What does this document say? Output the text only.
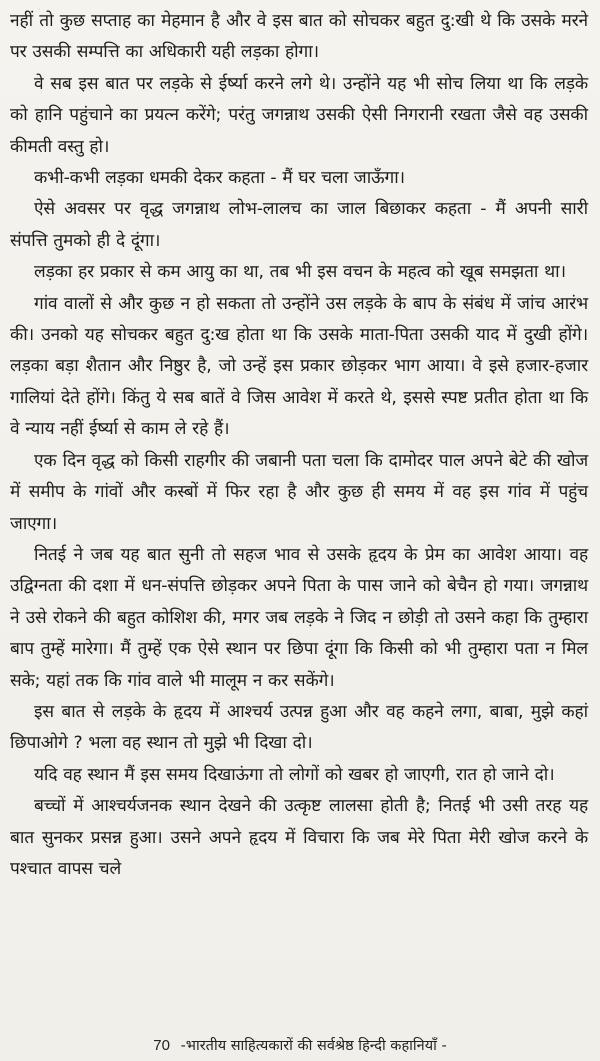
नहीं तो कुछ सप्ताह का मेहमान है और वे इस बात को सोचकर बहुत दु:खी थे कि उसके मरने पर उसकी सम्पत्ति का अधिकारी यही लड़का होगा।

वे सब इस बात पर लड़के से ईर्ष्या करने लगे थे। उन्होंने यह भी सोच लिया था कि लड़के को हानि पहुंचाने का प्रयत्न करेंगे; परंतु जगन्नाथ उसकी ऐसी निगरानी रखता जैसे वह उसकी कीमती वस्तु हो।

कभी-कभी लड़का धमकी देकर कहता - मैं घर चला जाऊँगा।

ऐसे अवसर पर वृद्ध जगन्नाथ लोभ-लालच का जाल बिछाकर कहता - मैं अपनी सारी संपत्ति तुमको ही दे दूंगा।

लड़का हर प्रकार से कम आयु का था, तब भी इस वचन के महत्व को खूब समझता था।

गांव वालों से और कुछ न हो सकता तो उन्होंने उस लड़के के बाप के संबंध में जांच आरंभ की। उनको यह सोचकर बहुत दु:ख होता था कि उसके माता-पिता उसकी याद में दुखी होंगे। लड़का बड़ा शैतान और निष्ठुर है, जो उन्हें इस प्रकार छोड़कर भाग आया। वे इसे हजार-हजार गालियां देते होंगे। किंतु ये सब बातें वे जिस आवेश में करते थे, इससे स्पष्ट प्रतीत होता था कि वे न्याय नहीं ईर्ष्या से काम ले रहे हैं।

एक दिन वृद्ध को किसी राहगीर की जबानी पता चला कि दामोदर पाल अपने बेटे की खोज में समीप के गांवों और कस्बों में फिर रहा है और कुछ ही समय में वह इस गांव में पहुंच जाएगा।

नितई ने जब यह बात सुनी तो सहज भाव से उसके हृदय के प्रेम का आवेश आया। वह उद्विग्नता की दशा में धन-संपत्ति छोड़कर अपने पिता के पास जाने को बेचैन हो गया। जगन्नाथ ने उसे रोकने की बहुत कोशिश की, मगर जब लड़के ने जिद न छोड़ी तो उसने कहा कि तुम्हारा बाप तुम्हें मारेगा। मैं तुम्हें एक ऐसे स्थान पर छिपा दूंगा कि किसी को भी तुम्हारा पता न मिल सके; यहां तक कि गांव वाले भी मालूम न कर सकेंगे।

इस बात से लड़के के हृदय में आश्चर्य उत्पन्न हुआ और वह कहने लगा, बाबा, मुझे कहां छिपाओगे ? भला वह स्थान तो मुझे भी दिखा दो।

यदि वह स्थान मैं इस समय दिखाऊंगा तो लोगों को खबर हो जाएगी, रात हो जाने दो।

बच्चों में आश्चर्यजनक स्थान देखने की उत्कृष्ट लालसा होती है; नितई भी उसी तरह यह बात सुनकर प्रसन्न हुआ। उसने अपने हृदय में विचारा कि जब मेरे पिता मेरी खोज करने के पश्चात वापस चले

70 -भारतीय साहित्यकारों की सर्वश्रेष्ठ हिन्दी कहानियाँ -
